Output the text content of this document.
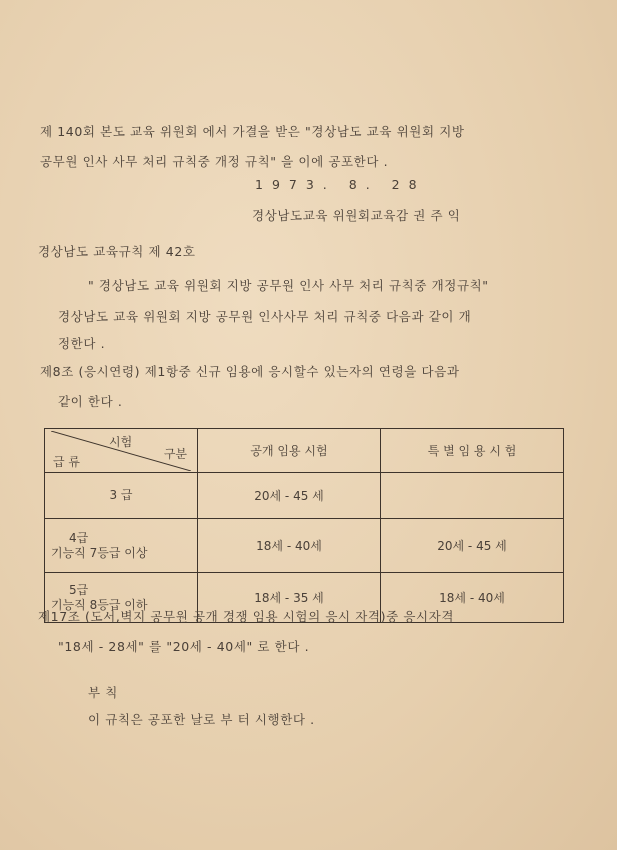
제 140회 본도 교육 위원회 에서 가결을 받은 "경상남도 교육 위원회 지방
공무원 인사 사무 처리 규칙중 개정 규칙" 을 이에 공포한다 .
1973. 8. 28
경상남도교육 위원회교육감 권 주 익
경상남도 교육규칙 제 42호
" 경상남도 교육 위원회 지방 공무원 인사 사무 처리 규칙중 개정규칙"
경상남도 교육 위원회 지방 공무원 인사사무 처리 규칙중 다음과 같이 개
정한다 .
제8조 (응시연령) 제1항중 신규 임용에 응시할수 있는자의 연령을 다음과
같이 한다 .
시험
구분
급 류	공개 임용 시험	특 별 임 용 시 험

3 급	20세 - 45 세	

4급
기능직 7등급 이상	18세 - 40세	20세 - 45 세

5급
기능직 8등급 이하	18세 - 35 세	18세 - 40세
제17조 (도서,벽지 공무원 공개 경쟁 임용 시험의 응시 자격)중 응시자격
"18세 - 28세" 를 "20세 - 40세" 로 한다 .
부 칙
이 규칙은 공포한 날로 부 터 시행한다 .
